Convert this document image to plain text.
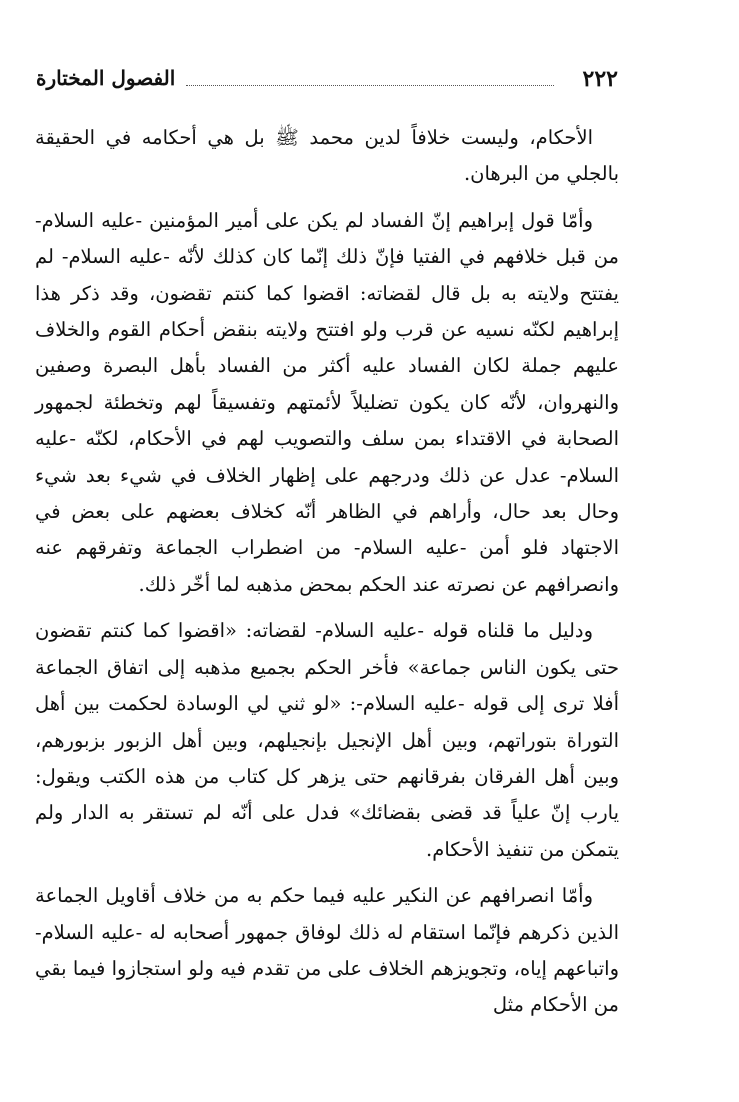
٢٢٢
الفصول المختارة

الأحكام، وليست خلافاً لدين محمد ﷺ بل هي أحكامه في الحقيقة بالجلي من البرهان.

وأمّا قول إبراهيم إنّ الفساد لم يكن على أمير المؤمنين -عليه السلام- من قبل خلافهم في الفتيا فإنّ ذلك إنّما كان كذلك لأنّه -عليه السلام- لم يفتتح ولايته به بل قال لقضاته: اقضوا كما كنتم تقضون، وقد ذكر هذا إبراهيم لكنّه نسيه عن قرب ولو افتتح ولايته بنقض أحكام القوم والخلاف عليهم جملة لكان الفساد عليه أكثر من الفساد بأهل البصرة وصفين والنهروان، لأنّه كان يكون تضليلاً لأئمتهم وتفسيقاً لهم وتخطئة لجمهور الصحابة في الاقتداء بمن سلف والتصويب لهم في الأحكام، لكنّه -عليه السلام- عدل عن ذلك ودرجهم على إظهار الخلاف في شيء بعد شيء وحال بعد حال، وأراهم في الظاهر أنّه كخلاف بعضهم على بعض في الاجتهاد فلو أمن -عليه السلام- من اضطراب الجماعة وتفرقهم عنه وانصرافهم عن نصرته عند الحكم بمحض مذهبه لما أخّر ذلك.

ودليل ما قلناه قوله -عليه السلام- لقضاته: «اقضوا كما كنتم تقضون حتى يكون الناس جماعة» فأخر الحكم بجميع مذهبه إلى اتفاق الجماعة أفلا ترى إلى قوله -عليه السلام-: «لو ثني لي الوسادة لحكمت بين أهل التوراة بتوراتهم، وبين أهل الإنجيل بإنجيلهم، وبين أهل الزبور بزبورهم، وبين أهل الفرقان بفرقانهم حتى يزهر كل كتاب من هذه الكتب ويقول: يارب إنّ علياً قد قضى بقضائك» فدل على أنّه لم تستقر به الدار ولم يتمكن من تنفيذ الأحكام.

وأمّا انصرافهم عن النكير عليه فيما حكم به من خلاف أقاويل الجماعة الذين ذكرهم فإنّما استقام له ذلك لوفاق جمهور أصحابه له -عليه السلام- واتباعهم إياه، وتجويزهم الخلاف على من تقدم فيه ولو استجازوا فيما بقي من الأحكام مثل
